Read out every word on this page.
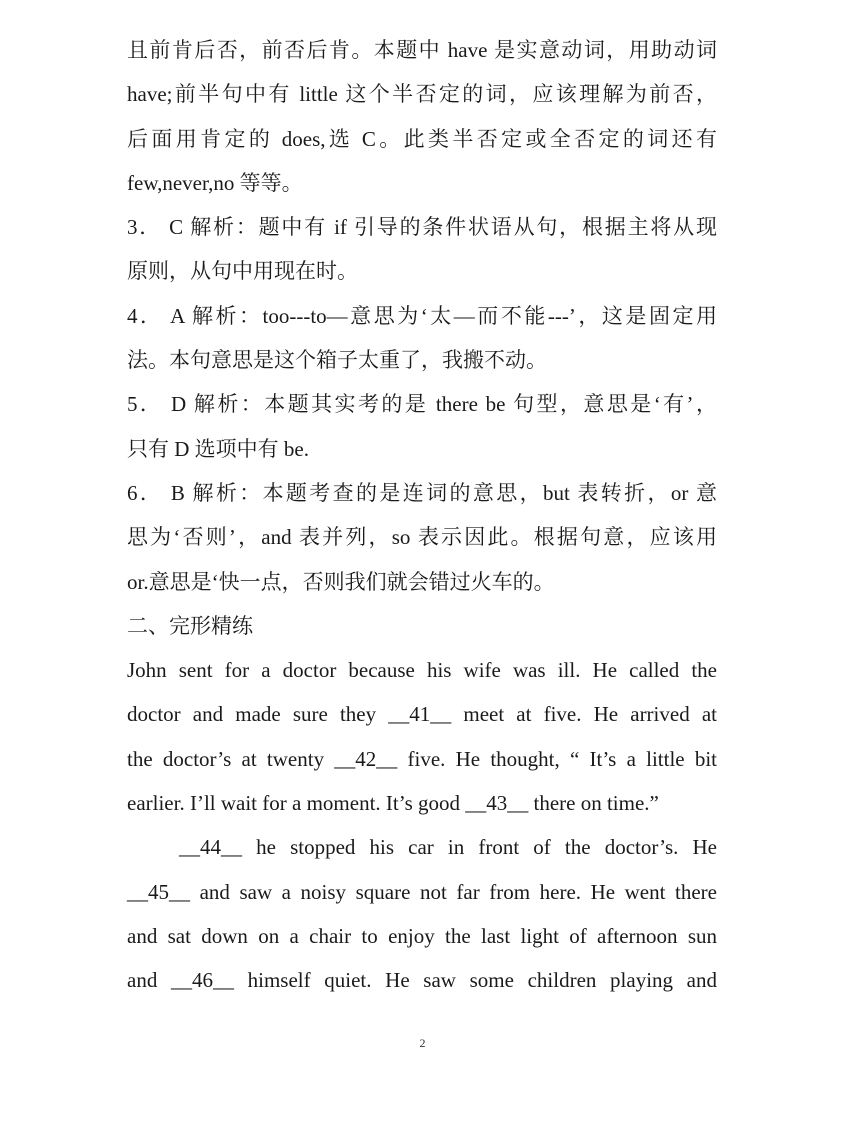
且前肯后否，前否后肯。本题中 have 是实意动词，用助动词
have;前半句中有 little 这个半否定的词，应该理解为前否，
后面用肯定的 does,选 C。此类半否定或全否定的词还有
few,never,no 等等。
3． C 解析：题中有 if 引导的条件状语从句，根据主将从现
原则，从句中用现在时。
4． A 解析：too---to—意思为‘太—而不能---’，这是固定用
法。本句意思是这个箱子太重了，我搬不动。
5． D 解析：本题其实考的是 there be 句型，意思是‘有’，
只有 D 选项中有 be.
6． B 解析：本题考查的是连词的意思，but 表转折，or 意
思为‘否则’，and 表并列，so 表示因此。根据句意，应该用
or.意思是‘快一点，否则我们就会错过火车的。
二、完形精练
John sent for a doctor because his wife was ill. He called the
doctor and made sure they __41__ meet at five. He arrived at
the doctor’s at twenty __42__ five. He thought, “ It’s a little bit
earlier. I’ll wait for a moment. It’s good __43__ there on time.”
__44__ he stopped his car in front of the doctor’s. He
__45__ and saw a noisy square not far from here. He went there
and sat down on a chair to enjoy the last light of afternoon sun
and __46__ himself quiet. He saw some children playing and
2
